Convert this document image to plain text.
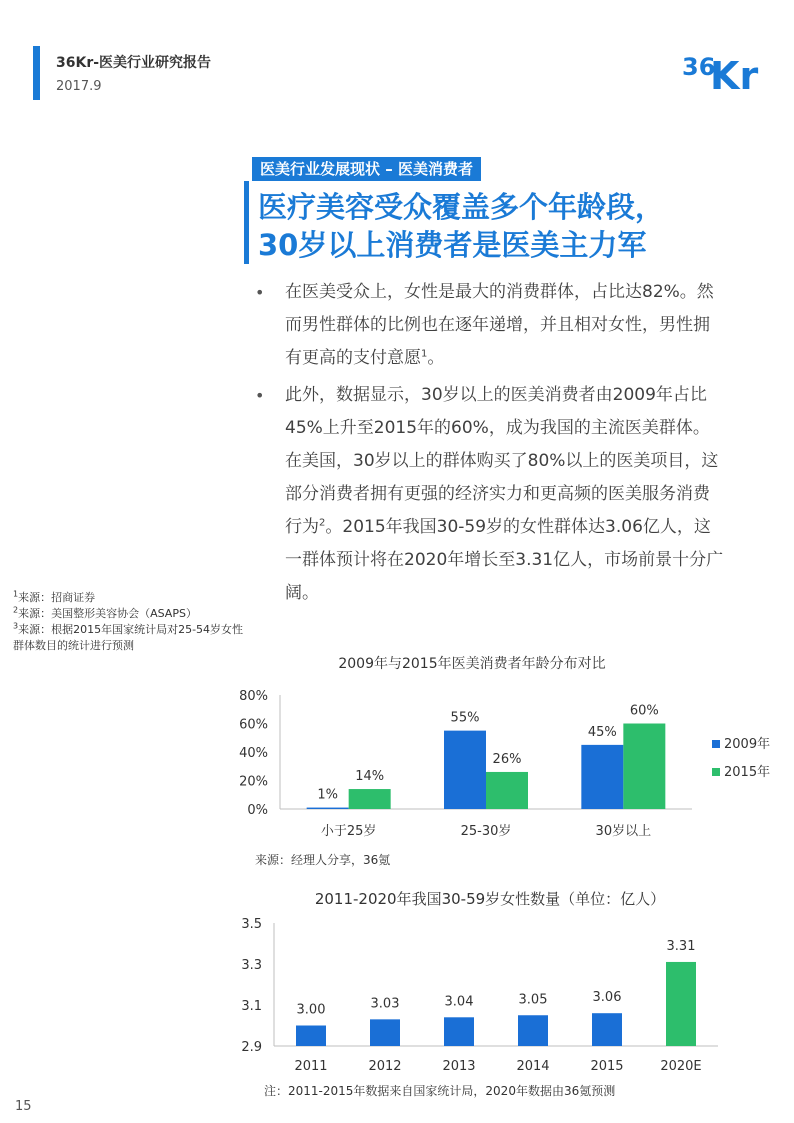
36Kr-医美行业研究报告
2017.9
36
Kr
医美行业发展现状 – 医美消费者
医疗美容受众覆盖多个年龄段，
30岁以上消费者是医美主力军
• 在医美受众上，女性是最大的消费群体，占比达82%。然而男性群体的比例也在逐年递增，并且相对女性，男性拥有更高的支付意愿$^1$。
• 此外，数据显示，30岁以上的医美消费者由2009年占比45%上升至2015年的60%，成为我国的主流医美群体。在美国，30岁以上的群体购买了80%以上的医美项目，这部分消费者拥有更强的经济实力和更高频的医美服务消费行为$^2$。2015年我国30-59岁的女性群体达3.06亿人，这一群体预计将在2020年增长至3.31亿人，市场前景十分广阔。
$^1$来源：招商证券
$^2$来源：美国整形美容协会（ASAPS）
$^3$来源：根据2015年国家统计局对25-54岁女性群体数目的统计进行预测
2009年与2015年医美消费者年龄分布对比
0%
20%
40%
60%
80%
1%
14%
小于25岁
55%
26%
25-30岁
45%
60%
30岁以上
2009年
2015年
来源：经理人分享，36氪
2011-2020年我国30-59岁女性数量（单位：亿人）
2.9
3.1
3.3
3.5
3.00
2011
3.03
2012
3.04
2013
3.05
2014
3.06
2015
3.31
2020E
注：2011-2015年数据来自国家统计局，2020年数据由36氪预测
15
